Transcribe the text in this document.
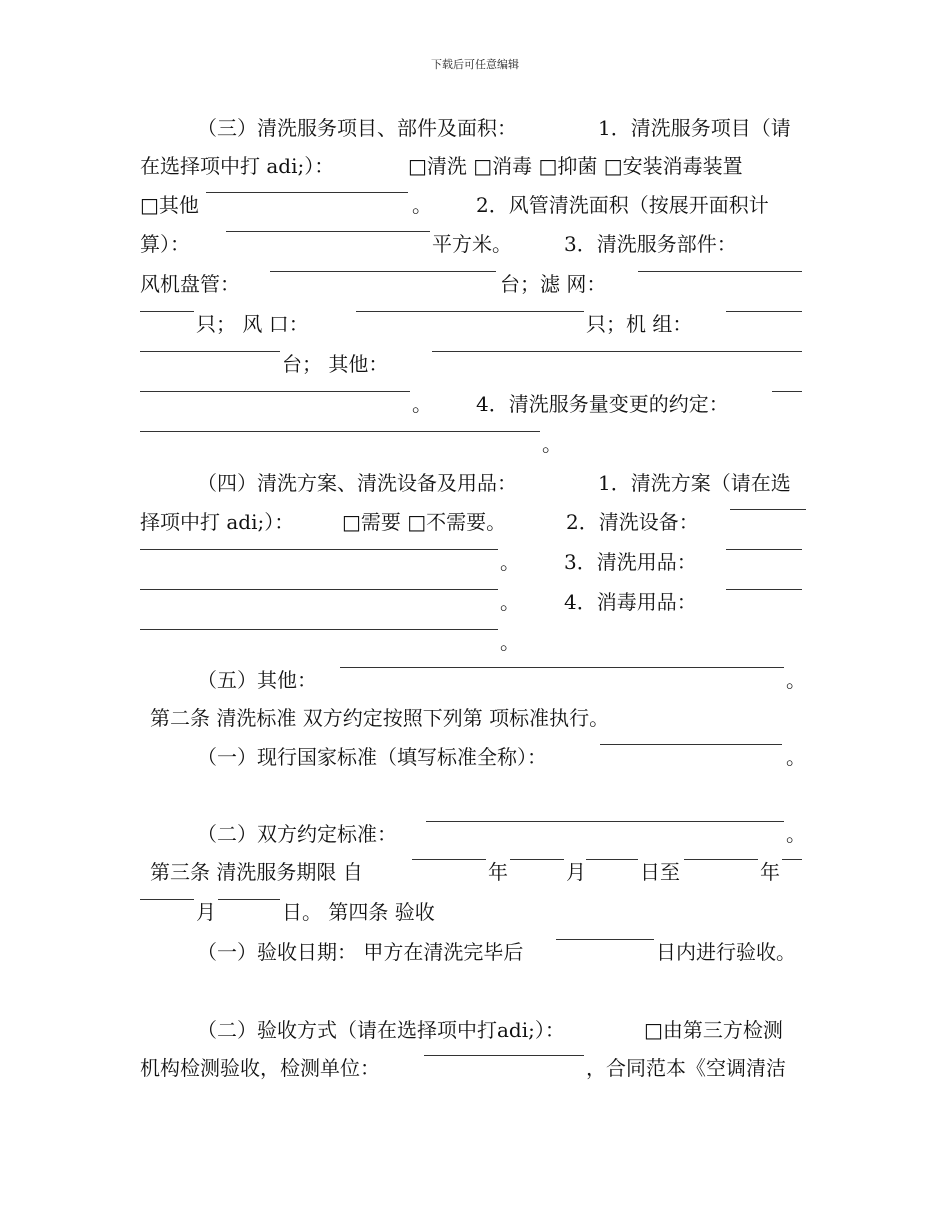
下载后可任意编辑
（三）清洗服务项目、部件及面积：	1．清洗服务项目（请
在选择项中打 adi;）：	□清洗 □消毒 □抑菌 □安装消毒装置
□其他	。 2．风管清洗面积（按展开面积计
算）：	平方米。	3．清洗服务部件：
风机盘管：	台；滤 网：
只； 风 口：	只；机 组：
台； 其他：
。 4．清洗服务量变更的约定：
。
（四）清洗方案、清洗设备及用品：	1．清洗方案（请在选
择项中打 adi;）： □需要 □不需要。	2．清洗设备：
。 3．清洗用品：
。 4．消毒用品：
。
（五）其他：	。
第二条 清洗标准 双方约定按照下列第 项标准执行。
（一）现行国家标准（填写标准全称）：	。
（二）双方约定标准：	。
第三条 清洗服务期限 自	年	月	日至	年
月	日。 第四条 验收
（一）验收日期： 甲方在清洗完毕后	日内进行验收。
（二）验收方式（请在选择项中打adi;）：	□由第三方检测
机构检测验收，检测单位：	，合同范本《空调清洁
